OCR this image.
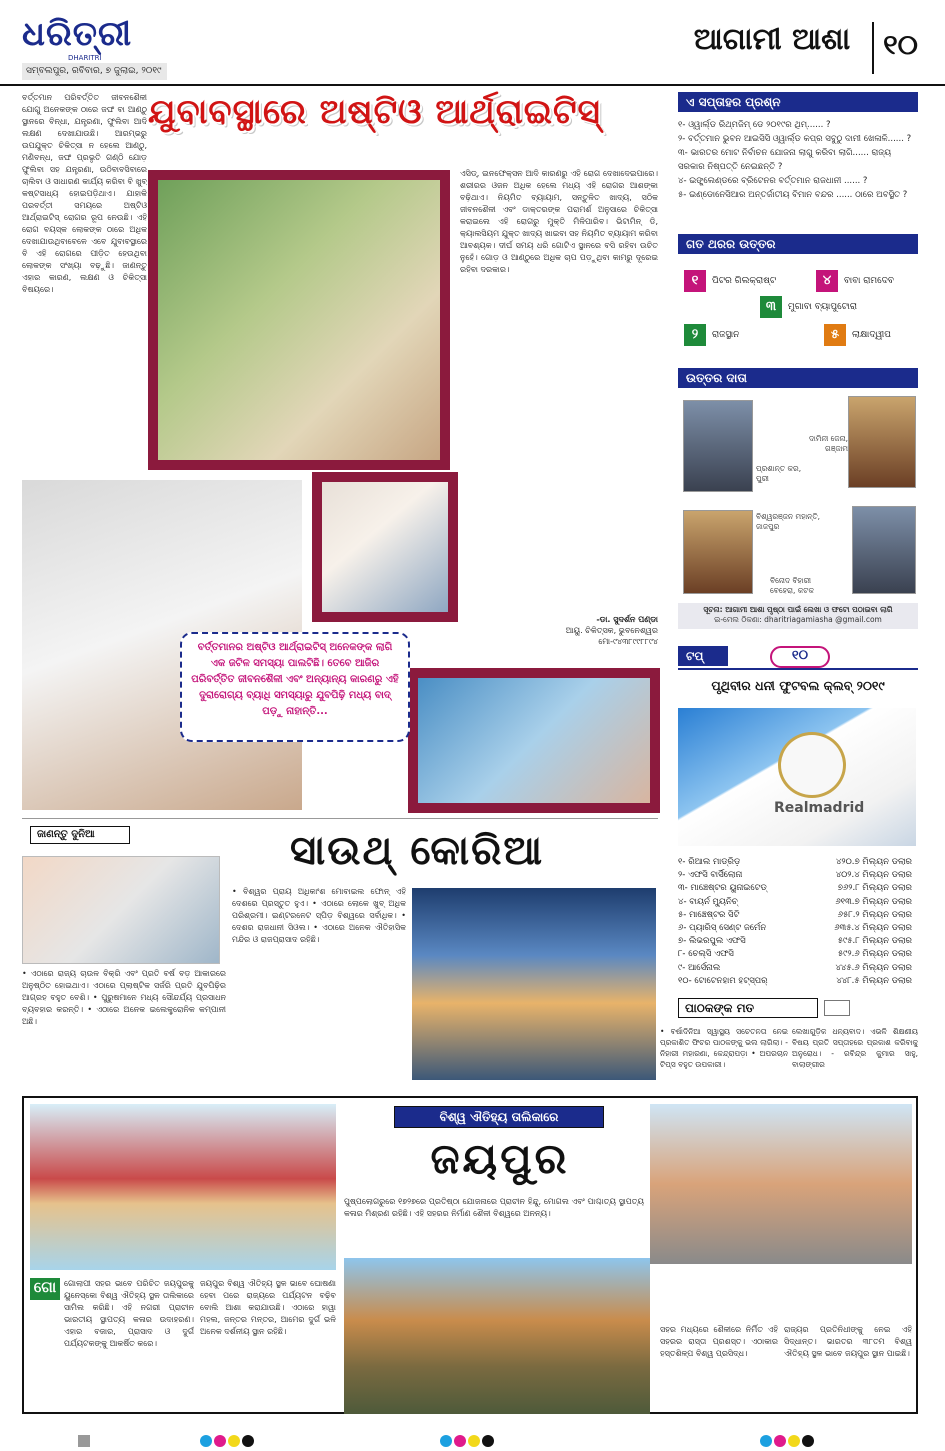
ଧରିତ୍ରୀ
DHARITRI
ସମ୍ବଲପୁର, ରବିବାର, ୭ ଜୁଲାଇ, ୨୦୧୯
ଆଗାମୀ ଆଶା	୧୦
ବର୍ତ୍ତମାନ ପରିବର୍ତ୍ତିତ ଜୀବନଶୈଳୀ ଯୋଗୁ ଅନେକଙ୍କ ଠାରେ ଜଙ୍ଘ ବା ଆଣ୍ଠୁ ସ୍ଥାନରେ ବିନ୍ଧା, ଯନ୍ତ୍ରଣା, ଫୁଲିବା ଆଦି ଲକ୍ଷଣ ଦେଖାଯାଉଛି। ଆରମ୍ଭରୁ ଉପଯୁକ୍ତ ଚିକିତ୍ସା ନ ହେଲେ ଆଣ୍ଠୁ, ମଣିବନ୍ଧ, ଜଙ୍ଘ ପ୍ରଭୃତି ଗଣ୍ଠି ଯୋଡ଼ ଫୁଲିବା ସହ ଯନ୍ତ୍ରଣା, ଉଠିବାବସିବାରେ ଚାଲିବା ଓ ସାଧାରଣ କାର୍ଯ୍ୟ କରିବା ବି ଖୁବ୍ କଷ୍ଟସାଧ୍ୟ ହୋଇପଡ଼ିଥାଏ। ଯାହାକି ପରବର୍ତ୍ତୀ ସମୟରେ ଅଷ୍ଟିଓ ଆର୍ଥ୍ରାଇଟିସ୍ ରୋଗର ରୂପ ନେଉଛି। ଏହି ରୋଗ ବୟସ୍କ ଲୋକଙ୍କ ଠାରେ ଅଧିକ ଦେଖାଯାଉଥିବାବେଳେ ଏବେ ଯୁବାବସ୍ଥାରେ ବି ଏହି ରୋଗରେ ପୀଡ଼ିତ ହେଉଥିବା ଲୋକଙ୍କ ସଂଖ୍ୟା ବଢ଼ୁଛି। ଜାଣନ୍ତୁ ଏହାର କାରଣ, ଲକ୍ଷଣ ଓ ଚିକିତ୍ସା ବିଷୟରେ।
ଯୁବାବସ୍ଥାରେ ଅଷ୍ଟିଓ ଆର୍ଥ୍ରାଇଟିସ୍
ଏସିଡ୍, ଇନଫେକ୍ସନ ଆଦି କାରଣରୁ ଏହି ରୋଗ ଦେଖାଦେଇପାରେ। ଶରୀରର ଓଜନ ଅଧିକ ହେଲେ ମଧ୍ୟ ଏହି ରୋଗର ଆଶଙ୍କା ବଢ଼ିଥାଏ। ନିୟମିତ ବ୍ୟାୟାମ, ସନ୍ତୁଳିତ ଖାଦ୍ୟ, ସଠିକ ଜୀବନଶୈଳୀ ଏବଂ ଡାକ୍ତରଙ୍କ ପରାମର୍ଶ ଅନୁସାରେ ଚିକିତ୍ସା କରାଇଲେ ଏହି ରୋଗରୁ ମୁକ୍ତି ମିଳିପାରିବ। ଭିଟାମିନ୍ ଡି, କ୍ୟାଲସିୟମ ଯୁକ୍ତ ଖାଦ୍ୟ ଖାଇବା ସହ ନିୟମିତ ବ୍ୟାୟାମ କରିବା ଆବଶ୍ୟକ। ଦୀର୍ଘ ସମୟ ଧରି ଗୋଟିଏ ସ୍ଥାନରେ ବସି ରହିବା ଉଚିତ ନୁହେଁ। ଗୋଡ଼ ଓ ଆଣ୍ଠୁରେ ଅଧିକ ଚାପ ପଡ଼ୁଥିବା କାମରୁ ଦୂରେଇ ରହିବା ଦରକାର।
ବର୍ତ୍ତମାନର ଅଷ୍ଟିଓ ଆର୍ଥ୍ରାଇଟିସ୍ ଅନେକଙ୍କ ଲାଗି ଏକ ଜଟିଳ ସମସ୍ୟା ପାଲଟିଛି। ତେବେ ଆଜିର ପରିବର୍ତ୍ତିତ ଜୀବନଶୈଳୀ ଏବଂ ଅନ୍ୟାନ୍ୟ କାରଣରୁ ଏହି ଦୁରାରୋଗ୍ୟ ବ୍ୟାଧି ସମସ୍ୟାରୁ ଯୁବପିଢ଼ି ମଧ୍ୟ ବାଦ୍ ପଡ଼ୁ ନାହାନ୍ତି...
-ଡା. ସୁଦର୍ଶନ ପଣ୍ଡା
ଆୟୁ. ଚିକିତ୍ସକ, ଭୁବନେଶ୍ୱର
ମୋ-୯୪୩୮୯୯୮୮୯୪
ଏ ସପ୍ତାହର ପ୍ରଶ୍ନ
୧- ଓ୍ୱାର୍ଲ୍ଡ ରିଥ୍ମଜିମ୍ ଡେ ୨୦୧୯ର ଥିମ୍...... ?
୨- ବର୍ତ୍ତମାନ ଭୁବନ ଆଇସିସି ଓ୍ୱାର୍ଲ୍ଡ କପ୍‌ର ସବୁଠୁ ଦାମୀ ଖେଳାଳି...... ?
୩- ଭାରତର ମୋଟ ନିର୍ବାଚନ ଯୋଜନା ଲାଗୁ କରିବା ଲାଗି...... ରାଜ୍ୟ ସରକାର ନିଷ୍ପତ୍ତି ନେଇଛନ୍ତି ?
୪- ଇଙ୍ଗ୍ଲେଣ୍ଡରେ ବ୍ରିଟେନର ବର୍ତ୍ତମାନ ରାଜଧାନୀ ...... ?
୫- ଇଣ୍ଡୋନେସିଆର ଅନ୍ତର୍ଜାତୀୟ ବିମାନ ବନ୍ଦର ...... ଠାରେ ଅବସ୍ଥିତ ?
ଗତ ଥରର ଉତ୍ତର
୧	ପିଟର ଗିଲକ୍ରାଷ୍ଟ	୪	ବାବା ରାମଦେବ
୩	ମୁଗାବା ବ୍ୟାପୁଟୋରା
୨	ରାଜସ୍ଥାନ	୫	ଲାକ୍ଷାଦ୍ୱୀପ
ଉତ୍ତର ଦାତା
ପ୍ରଶାନ୍ତ କର,
ପୁରୀ
ଦାମିନୀ ଜେନା,
ଗଞ୍ଜାମ
ବିଶ୍ୱରଞ୍ଜନ ମହାନ୍ତି,
ଜାଜପୁର
ବିନୋଦ ବିହାରୀ
ବେହେରା, କଟକ
ସୂଚନା: ଆଗାମୀ ଆଶା ପୃଷ୍ଠା ପାଇଁ ଲେଖା ଓ ଫଟୋ ପଠାଇବା ଲାଗି
ଇ-ମେଲ ଠିକଣା: dharitriagamiasha @gmail.com
ଟପ୍	୧୦
ପୃଥିବୀର ଧନୀ ଫୁଟବଲ କ୍ଲବ୍ ୨୦୧୯
Realmadrid
୧- ରିଆଲ ମାଡ୍ରିଡ଼	୪୨୦.୭ ମିଲ୍ୟନ ଡଲାର
୨- ଏଫସି ବାର୍ସିଲୋନା	୪୦୨.୪ ମିଲ୍ୟନ ଡଲାର
୩- ମାଞ୍ଚେଷ୍ଟର ୟୁନାଇଟେଡ୍	୭୬୨.୮ ମିଲ୍ୟନ ଡଲାର
୪- ବାୟର୍ନ ମ୍ୟୁନିଚ୍	୬୧୩.୭ ମିଲ୍ୟନ ଡଲାର
୫- ମାଞ୍ଚେଷ୍ଟର ସିଟି	୬୫୮.୨ ମିଲ୍ୟନ ଡଲାର
୬- ପ୍ୟାରିସ୍ ସେଣ୍ଟ ଜର୍ମେନ	୬୩୫.୪ ମିଲ୍ୟନ ଡଲାର
୭- ଲିଭରପୁଲ ଏଫସି	୫୯୫.୮ ମିଲ୍ୟନ ଡଲାର
୮- ଚେଲ୍‌ସି ଏଫସି	୫୯୨.୬ ମିଲ୍ୟନ ଡଲାର
୯- ଆର୍ସେନାଲ	୪୪୫.୬ ମିଲ୍ୟନ ଡଲାର
୧୦- ଟୋଟେନହାମ ହଟ୍‌ସ୍ପର୍	୪୪୮.୫ ମିଲ୍ୟନ ଡଲାର
ପାଠକଙ୍କ ମତ
• ବର୍ଷାଦିନିଆ ସ୍ୱାସ୍ଥ୍ୟ ସଚେତନତା ନେଇ ପ୍ରକାଶିତ ଫିଚର ପାଠକଙ୍କୁ ଭଲ ଲାଗିଲା। - ନିହାରୀ ମହାରଣା, କେନ୍ଦ୍ରାପଡ଼ା • ଅପରଚାନ ଟିପ୍ସ ବହୁତ ଉପକାରୀ।
ଲେଖାଗୁଡ଼ିକ ଧନ୍ୟବାଦ। ଏଭଳି ଶିକ୍ଷଣୀୟ ବିଷୟ ପ୍ରତି ସପ୍ତାହରେ ପ୍ରକାଶ କରିବାକୁ ଅନୁରୋଧ। - ରବିନ୍ଦ୍ର କୁମାର ସାହୁ, ବାଲାଙ୍ଗୀର
ଜାଣନ୍ତୁ ଦୁନିଆ	ସାଉଥ୍ କୋରିଆ
• ଏଠାରେ ରାଜ୍ୟ ଚାଉଳ ବିକ୍ରି ଏବଂ ପ୍ରତି ବର୍ଷ ବଡ଼ ଆକାରରେ ଅନୁଷ୍ଠିତ ହୋଇଥାଏ। ଏଠାରେ ପ୍ଲାଷ୍ଟିକ ସର୍ଜରି ପ୍ରତି ଯୁବପିଢ଼ିର ଆଗ୍ରହ ବହୁତ ବେଶି। • ପୁରୁଷମାନେ ମଧ୍ୟ ସୌନ୍ଦର୍ଯ୍ୟ ପ୍ରସାଧନ ବ୍ୟବହାର କରନ୍ତି। • ଏଠାରେ ଅନେକ ଇଲେକ୍ଟ୍ରୋନିକ କମ୍ପାନୀ ଅଛି।
• ବିଶ୍ୱର ପ୍ରାୟ ଅଧିକାଂଶ ମୋବାଇଲ ଫୋନ୍ ଏହି ଦେଶରେ ପ୍ରସ୍ତୁତ ହୁଏ। • ଏଠାରେ ଲୋକେ ଖୁବ୍ ଅଧିକ ପରିଶ୍ରମୀ। ଇଣ୍ଟରନେଟ ସ୍ପିଡ଼ ବିଶ୍ୱରେ ସର୍ବାଧିକ। • ଦେଶର ରାଜଧାନୀ ସିଓଲ। • ଏଠାରେ ଅନେକ ଐତିହାସିକ ମନ୍ଦିର ଓ ରାଜପ୍ରାସାଦ ରହିଛି।
ବିଶ୍ୱ ଐତିହ୍ୟ ତାଲିକାରେ
ଜୟପୁର
ପୁଷ୍ପଲୋଗରୁରେ ୧୭୨୭ରେ ପ୍ରତିଷ୍ଠା ଯୋଜନାରେ ପ୍ରାଚୀନ ହିନ୍ଦୁ, ମୋଗଲ ଏବଂ ପାଶ୍ଚାତ୍ୟ ସ୍ଥାପତ୍ୟ କଳାର ମିଶ୍ରଣ ରହିଛି। ଏହି ସହରର ନିର୍ମାଣ ଶୈଳୀ ବିଶ୍ୱରେ ଅନନ୍ୟ।
ଗୋ ଗୋଲାପୀ ସହର ଭାବେ ପରିଚିତ ଜୟପୁରକୁ ୟୁନେସ୍କୋ ବିଶ୍ୱ ଐତିହ୍ୟ ସ୍ଥଳ ତାଲିକାରେ ସାମିଲ କରିଛି। ଏହି ନଗରୀ ପ୍ରାଚୀନ ଭାରତୀୟ ସ୍ଥାପତ୍ୟ କଳାର ଉଦାହରଣ। ଏହାର ବଜାର, ପ୍ରାସାଦ ଓ ଦୁର୍ଗ ପର୍ଯ୍ୟଟକଙ୍କୁ ଆକର୍ଷିତ କରେ।
ଜୟପୁର ବିଶ୍ୱ ଐତିହ୍ୟ ସ୍ଥଳ ଭାବେ ଘୋଷଣା ହେବା ପରେ ରାଜ୍ୟରେ ପର୍ଯ୍ୟଟନ ବଢ଼ିବ ବୋଲି ଆଶା କରାଯାଉଛି। ଏଠାରେ ହାୱା ମହଲ, ଜନ୍ତର ମନ୍ତର, ଆମେର ଦୁର୍ଗ ଭଳି ଅନେକ ଦର୍ଶନୀୟ ସ୍ଥାନ ରହିଛି।	ସହର ମଧ୍ୟରେ ଶୈଳୀରେ ନିର୍ମିତ ଏହି ସହରର ରାସ୍ତା ପ୍ରଶସ୍ତ। ଏଠାକାର ହସ୍ତଶିଳ୍ପ ବିଶ୍ୱ ପ୍ରସିଦ୍ଧ।
ରାଜ୍ୟର ପ୍ରତିନିଧୀଙ୍କୁ ନେଇ ଏହି ସିଦ୍ଧାନ୍ତ। ଭାରତର ୩୮ତମ ବିଶ୍ୱ ଐତିହ୍ୟ ସ୍ଥଳ ଭାବେ ଜୟପୁର ସ୍ଥାନ ପାଇଛି।
